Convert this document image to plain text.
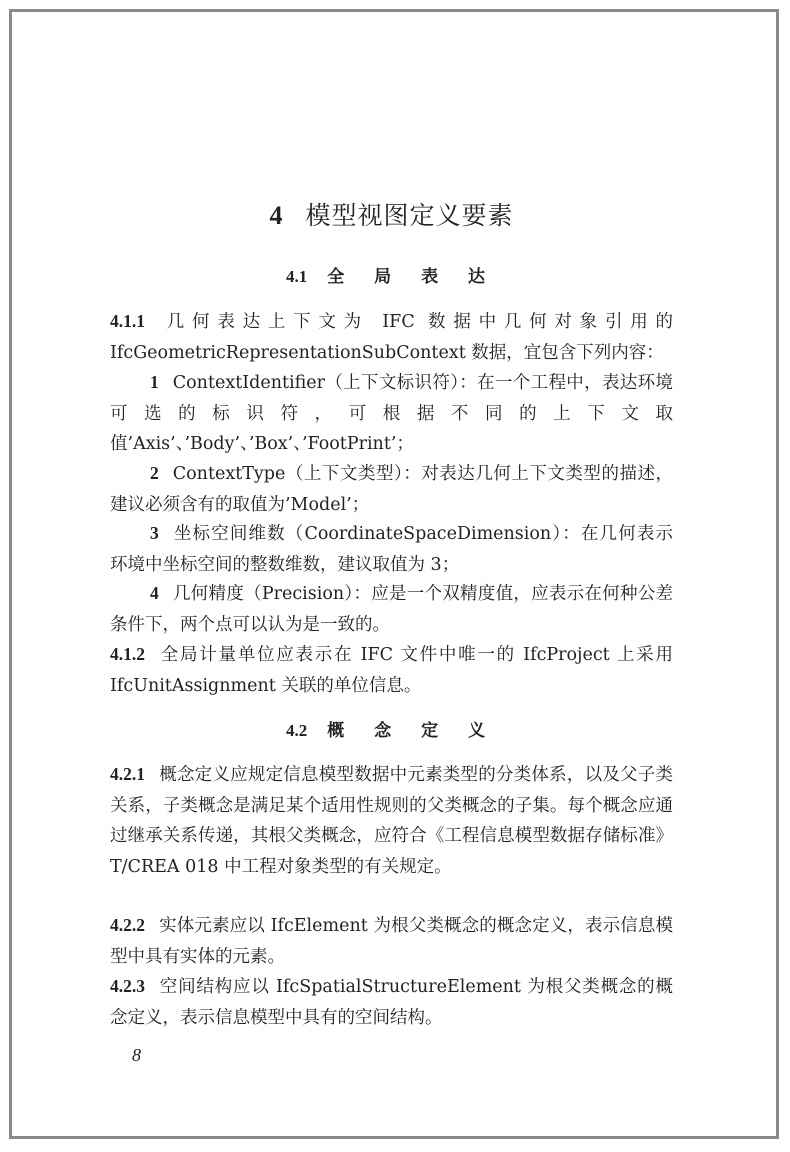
4 模型视图定义要素
4.1 全 局 表 达
4.1.1 几何表达上下文为 IFC 数据中几何对象引用的 IfcGeometricRepresentationSubContext 数据，宜包含下列内容：
1 ContextIdentifier（上下文标识符）：在一个工程中，表达环境可选的标识符，可根据不同的上下文取值’Axis’、’Body’、’Box’、’FootPrint’；
2 ContextType（上下文类型）：对表达几何上下文类型的描述，建议必须含有的取值为’Model’；
3 坐标空间维数（CoordinateSpaceDimension）：在几何表示环境中坐标空间的整数维数，建议取值为 3；
4 几何精度（Precision）：应是一个双精度值，应表示在何种公差条件下，两个点可以认为是一致的。
4.1.2 全局计量单位应表示在 IFC 文件中唯一的 IfcProject 上采用 IfcUnitAssignment 关联的单位信息。
4.2 概 念 定 义
4.2.1 概念定义应规定信息模型数据中元素类型的分类体系，以及父子类关系，子类概念是满足某个适用性规则的父类概念的子集。每个概念应通过继承关系传递，其根父类概念，应符合《工程信息模型数据存储标准》T/CREA 018 中工程对象类型的有关规定。
4.2.2 实体元素应以 IfcElement 为根父类概念的概念定义，表示信息模型中具有实体的元素。
4.2.3 空间结构应以 IfcSpatialStructureElement 为根父类概念的概念定义，表示信息模型中具有的空间结构。
8
